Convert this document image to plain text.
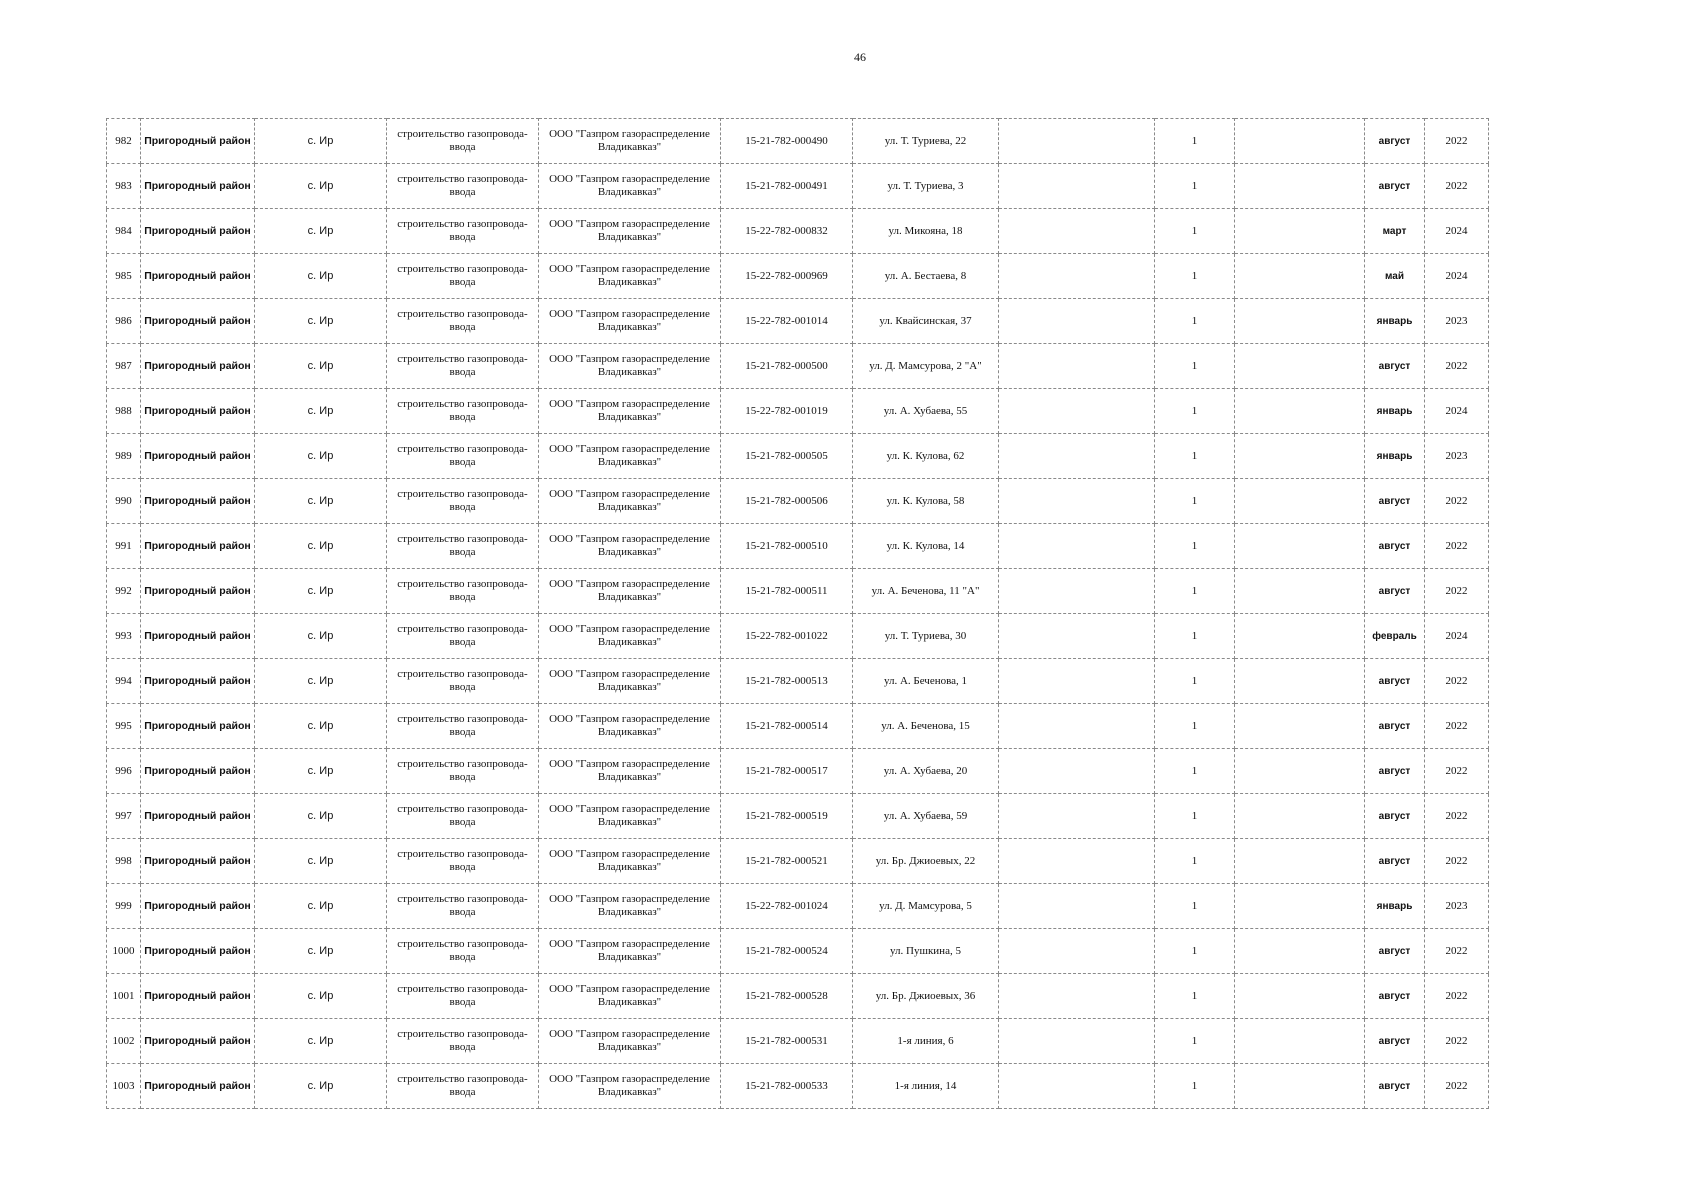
46
982	Пригородный район	с. Ир	строительство газопровода-ввода	ООО "Газпром газораспределение Владикавказ"	15-21-782-000490	ул. Т. Туриева, 22		1		август	2022
983	Пригородный район	с. Ир	строительство газопровода-ввода	ООО "Газпром газораспределение Владикавказ"	15-21-782-000491	ул. Т. Туриева, 3		1		август	2022
984	Пригородный район	с. Ир	строительство газопровода-ввода	ООО "Газпром газораспределение Владикавказ"	15-22-782-000832	ул. Микояна, 18		1		март	2024
985	Пригородный район	с. Ир	строительство газопровода-ввода	ООО "Газпром газораспределение Владикавказ"	15-22-782-000969	ул. А. Бестаева, 8		1		май	2024
986	Пригородный район	с. Ир	строительство газопровода-ввода	ООО "Газпром газораспределение Владикавказ"	15-22-782-001014	ул. Квайсинская, 37		1		январь	2023
987	Пригородный район	с. Ир	строительство газопровода-ввода	ООО "Газпром газораспределение Владикавказ"	15-21-782-000500	ул. Д. Мамсурова, 2 "А"		1		август	2022
988	Пригородный район	с. Ир	строительство газопровода-ввода	ООО "Газпром газораспределение Владикавказ"	15-22-782-001019	ул. А. Хубаева, 55		1		январь	2024
989	Пригородный район	с. Ир	строительство газопровода-ввода	ООО "Газпром газораспределение Владикавказ"	15-21-782-000505	ул. К. Кулова, 62		1		январь	2023
990	Пригородный район	с. Ир	строительство газопровода-ввода	ООО "Газпром газораспределение Владикавказ"	15-21-782-000506	ул. К. Кулова, 58		1		август	2022
991	Пригородный район	с. Ир	строительство газопровода-ввода	ООО "Газпром газораспределение Владикавказ"	15-21-782-000510	ул. К. Кулова, 14		1		август	2022
992	Пригородный район	с. Ир	строительство газопровода-ввода	ООО "Газпром газораспределение Владикавказ"	15-21-782-000511	ул. А. Беченова, 11 "А"		1		август	2022
993	Пригородный район	с. Ир	строительство газопровода-ввода	ООО "Газпром газораспределение Владикавказ"	15-22-782-001022	ул. Т. Туриева, 30		1		февраль	2024
994	Пригородный район	с. Ир	строительство газопровода-ввода	ООО "Газпром газораспределение Владикавказ"	15-21-782-000513	ул. А. Беченова, 1		1		август	2022
995	Пригородный район	с. Ир	строительство газопровода-ввода	ООО "Газпром газораспределение Владикавказ"	15-21-782-000514	ул. А. Беченова, 15		1		август	2022
996	Пригородный район	с. Ир	строительство газопровода-ввода	ООО "Газпром газораспределение Владикавказ"	15-21-782-000517	ул. А. Хубаева, 20		1		август	2022
997	Пригородный район	с. Ир	строительство газопровода-ввода	ООО "Газпром газораспределение Владикавказ"	15-21-782-000519	ул. А. Хубаева, 59		1		август	2022
998	Пригородный район	с. Ир	строительство газопровода-ввода	ООО "Газпром газораспределение Владикавказ"	15-21-782-000521	ул. Бр. Джиоевых, 22		1		август	2022
999	Пригородный район	с. Ир	строительство газопровода-ввода	ООО "Газпром газораспределение Владикавказ"	15-22-782-001024	ул. Д. Мамсурова, 5		1		январь	2023
1000	Пригородный район	с. Ир	строительство газопровода-ввода	ООО "Газпром газораспределение Владикавказ"	15-21-782-000524	ул. Пушкина, 5		1		август	2022
1001	Пригородный район	с. Ир	строительство газопровода-ввода	ООО "Газпром газораспределение Владикавказ"	15-21-782-000528	ул. Бр. Джиоевых, 36		1		август	2022
1002	Пригородный район	с. Ир	строительство газопровода-ввода	ООО "Газпром газораспределение Владикавказ"	15-21-782-000531	1-я линия, 6		1		август	2022
1003	Пригородный район	с. Ир	строительство газопровода-ввода	ООО "Газпром газораспределение Владикавказ"	15-21-782-000533	1-я линия, 14		1		август	2022
